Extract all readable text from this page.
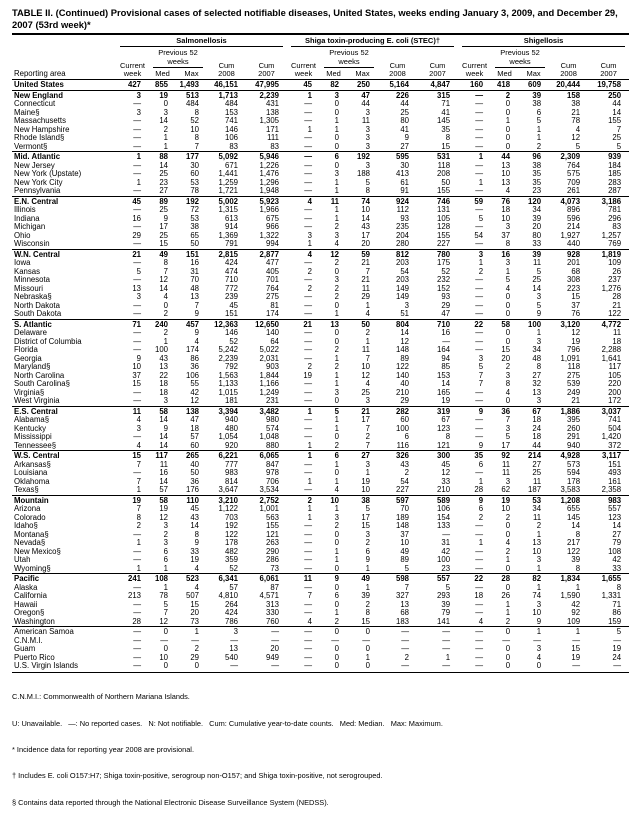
TABLE II. (Continued) Provisional cases of selected notifiable diseases, United States, weeks ending January 3, 2009, and December 29, 2007 (53rd week)*
Reporting area	Salmonellosis					Shiga toxin-producing E. coli (STEC)†					Shigellosis				

	Current week	Previous 52 weeks		Cum 2008	Cum 2007	Current week	Previous 52 weeks		Cum 2008	Cum 2007	Current week	Previous 52 weeks		Cum 2008	Cum 2007
		Med	Max				Med	Max				Med	Max		
United States	427	855	1,493	46,151	47,995	45	82	250	5,164	4,847	160	418	609	20,444	19,758
New England	3	19	513	1,713	2,239	1	3	47	226	315	—	2	39	158	250
Connecticut	—	0	484	484	431	—	0	44	44	71	—	0	38	38	44
Maine§	3	3	8	153	138	—	0	3	25	41	—	0	6	21	14
Massachusetts	—	14	52	741	1,305	—	1	11	80	145	—	1	5	78	155
New Hampshire	—	2	10	146	171	1	1	3	41	35	—	0	1	4	7
Rhode Island§	—	1	8	106	111	—	0	3	9	8	—	0	1	12	25
Vermont§	—	1	7	83	83	—	0	3	27	15	—	0	2	5	5
Mid. Atlantic	1	88	177	5,092	5,946	—	6	192	595	531	1	44	96	2,309	939
New Jersey	—	14	30	671	1,226	—	0	3	30	118	—	13	38	764	184
New York (Upstate)	—	25	60	1,441	1,476	—	3	188	413	208	—	10	35	575	185
New York City	1	23	53	1,259	1,296	—	1	5	61	50	1	13	35	709	283
Pennsylvania	—	27	78	1,721	1,948	—	1	8	91	155	—	4	23	261	287
E.N. Central	45	89	192	5,002	5,923	4	11	74	924	746	59	76	120	4,073	3,186
Illinois	—	25	72	1,315	1,966	—	1	10	112	131	—	18	34	896	781
Indiana	16	9	53	613	675	—	1	14	93	105	5	10	39	596	296
Michigan	—	17	38	914	966	—	2	43	235	128	—	3	20	214	83
Ohio	29	25	65	1,369	1,322	3	3	17	204	155	54	37	80	1,927	1,257
Wisconsin	—	15	50	791	994	1	4	20	280	227	—	8	33	440	769
W.N. Central	21	49	151	2,815	2,877	4	12	59	812	780	3	16	39	928	1,819
Iowa	—	8	16	424	477	—	2	21	203	175	1	3	11	201	109
Kansas	5	7	31	474	405	2	0	7	54	52	2	1	5	68	26
Minnesota	—	12	70	710	701	—	3	21	203	232	—	5	25	308	237
Missouri	13	14	48	772	764	2	2	11	149	152	—	4	14	223	1,276
Nebraska§	3	4	13	239	275	—	2	29	149	93	—	0	3	15	28
North Dakota	—	0	7	45	81	—	0	1	3	29	—	0	5	37	21
South Dakota	—	2	9	151	174	—	1	4	51	47	—	0	9	76	122
S. Atlantic	71	240	457	12,363	12,650	21	13	50	804	710	22	58	100	3,120	4,772
Delaware	—	2	9	146	140	—	0	2	14	16	—	0	1	12	11
District of Columbia	—	1	4	52	64	—	0	1	12	—	—	0	3	19	18
Florida	—	100	174	5,242	5,022	—	2	11	148	164	—	15	34	796	2,288
Georgia	9	43	86	2,239	2,031	—	1	7	89	94	3	20	48	1,091	1,641
Maryland§	10	13	36	792	903	2	2	10	122	85	5	2	8	118	117
North Carolina	37	22	106	1,563	1,844	19	1	12	140	153	7	3	27	275	105
South Carolina§	15	18	55	1,133	1,166	—	1	4	40	14	7	8	32	539	220
Virginia§	—	18	42	1,015	1,249	—	3	25	210	165	—	4	13	249	200
West Virginia	—	3	12	181	231	—	0	3	29	19	—	0	3	21	172
E.S. Central	11	58	138	3,394	3,482	1	5	21	282	319	9	36	67	1,886	3,037
Alabama§	4	14	47	940	980	—	1	17	60	67	—	7	18	395	741
Kentucky	3	9	18	480	574	—	1	7	100	123	—	3	24	260	504
Mississippi	—	14	57	1,054	1,048	—	0	2	6	8	—	5	18	291	1,420
Tennessee§	4	14	60	920	880	1	2	7	116	121	9	17	44	940	372
W.S. Central	15	117	265	6,221	6,065	1	6	27	326	300	35	92	214	4,928	3,117
Arkansas§	7	11	40	777	847	—	1	3	43	45	6	11	27	573	151
Louisiana	—	16	50	983	978	—	0	1	2	12	—	11	25	594	493
Oklahoma	7	14	36	814	706	1	1	19	54	33	1	3	11	178	161
Texas§	1	57	176	3,647	3,534	—	4	10	227	210	28	62	187	3,583	2,358
Mountain	19	58	110	3,210	2,752	2	10	38	597	589	9	19	53	1,208	983
Arizona	7	19	45	1,122	1,001	1	1	5	70	106	6	10	34	655	557
Colorado	8	12	43	703	563	1	3	17	189	154	2	2	11	145	123
Idaho§	2	3	14	192	155	—	2	15	148	133	—	0	2	14	14
Montana§	—	2	8	122	121	—	0	3	37	—	—	0	1	8	27
Nevada§	1	3	9	178	263	—	0	2	10	31	1	4	13	217	79
New Mexico§	—	6	33	482	290	—	1	6	49	42	—	2	10	122	108
Utah	—	6	19	359	286	—	1	9	89	100	—	1	3	39	42
Wyoming§	1	1	4	52	73	—	0	1	5	23	—	0	1	8	33
Pacific	241	108	523	6,341	6,061	11	9	49	598	557	22	28	82	1,834	1,655
Alaska	—	1	4	57	87	—	0	1	7	5	—	0	1	1	8
California	213	78	507	4,810	4,571	7	6	39	327	293	18	26	74	1,590	1,331
Hawaii	—	5	15	264	313	—	0	2	13	39	—	1	3	42	71
Oregon§	—	7	20	424	330	—	1	8	68	79	—	1	10	92	86
Washington	28	12	73	786	760	4	2	15	183	141	4	2	9	109	159
American Samoa	—	0	1	3	—	—	0	0	—	—	—	0	1	1	5
C.N.M.I.	—	—	—	—	—	—	—	—	—	—	—	—	—	—	—
Guam	—	0	2	13	20	—	0	0	—	—	—	0	3	15	19
Puerto Rico	—	10	29	540	949	—	0	1	2	1	—	0	4	19	24
U.S. Virgin Islands	—	0	0	—	—	—	0	0	—	—	—	0	0	—	—

C.N.M.I.: Commonwealth of Northern Mariana Islands.

U: Unavailable.   —: No reported cases.   N: Not notifiable.   Cum: Cumulative year-to-date counts.   Med: Median.   Max: Maximum.

* Incidence data for reporting year 2008 are provisional.

† Includes E. coli O157:H7; Shiga toxin-positive, serogroup non-O157; and Shiga toxin-positive, not serogrouped.

§ Contains data reported through the National Electronic Disease Surveillance System (NEDSS).
